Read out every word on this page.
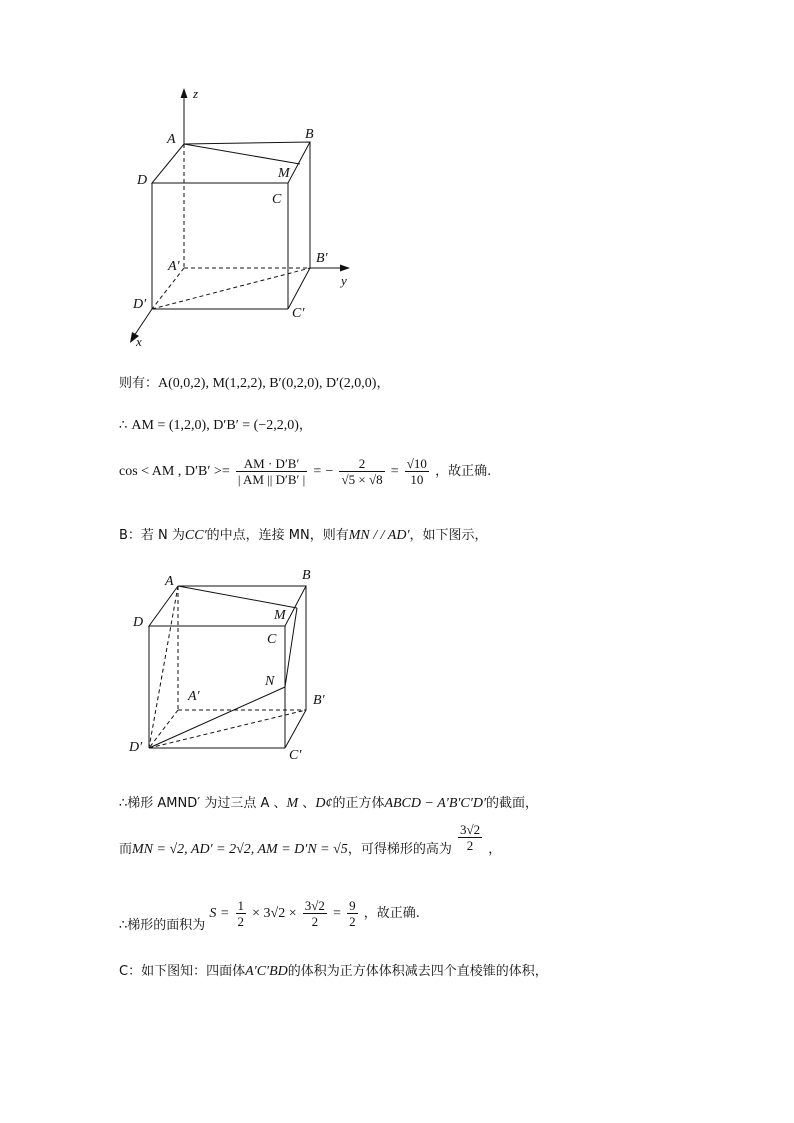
z
y
x
A	B
M
D
C
A′
B′
D′
C′
则有：A(0,0,2), M(1,2,2), B′(0,2,0), D′(2,0,0)，
∴ AM = (1,2,0), D′B′ = (−2,2,0)，
cos < AM , $D'B' >= \frac{AM \cdot D'B'}{| AM || D'B' |}$ = − $\frac{2}{√5 \times √8} = \frac{√10}{10}$ ，故正确.
B：若 N 为CC′的中点，连接 MN，则有MN / / AD′，如下图示，
A	B
M
D
C
N
A′	B′
D′
C′
∴梯形 AMND′ 为过三点 A 、M 、D¢的正方体ABCD − A′B′C′D′的截面，
而MN = √2, AD′ = 2√2, AM = D′N = √5，可得梯形的高为 $\frac{3√2}{2}$ ，
∴梯形的面积为 $S = \frac{1}{2} \times 3√2 \times \frac{3√2}{2} = \frac{9}{2}$ ，故正确.
C：如下图知：四面体A′C′BD的体积为正方体体积减去四个直棱锥的体积，
